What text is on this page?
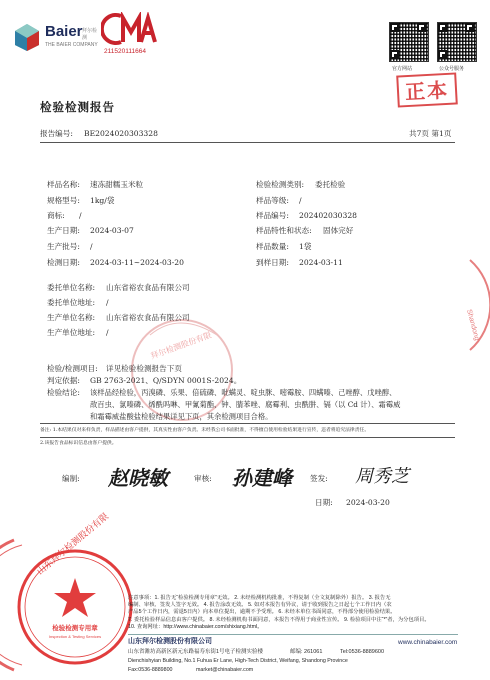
拜尔检测股份有限
Shandong
检验检测专用章
Inspection & Testing Services
山东拜尔检测股份有限
Baier 拜尔检测
THE BAIER COMPANY
211520111664
官方网站	公众号服务
正本
检验检测报告
报告编号: BE2024020303328	共7页 第1页
样品名称: 速冻甜糯玉米粒
规格型号: 1kg/袋
商标: /
生产日期: 2024-03-07
生产批号: /
检测日期: 2024-03-11~2024-03-20
检验检测类别: 委托检验
样品等级: /
样品编号: 202402030328
样品特性和状态: 固体完好
样品数量: 1袋
到样日期: 2024-03-11
委托单位名称: 山东省裕农食品有限公司
委托单位地址: /
生产单位名称: 山东省裕农食品有限公司
生产单位地址: /
检验/检测项目: 详见检验检测报告下页
判定依据: GB 2763-2021、Q/SDYN 0001S-2024。
检验结论: 该样品经检验，丙溴磷、乐果、倍硫磷、吡螨灵、啶虫脒、嘧霉胺、四螨嗪、己唑醇、戊唑醇、
敌百虫、氯嗪磷、烯酰吗啉、甲氰菊酯、钟、腈苯唑、腐霉利、虫酰肼、镉（以 Cd 计）、霜霉威
和霜霉威盐酸盐检验结果详见下页，其余检测项目合格。
备注: 1.本结果仅对来样负责，样品描述由客户提供，其真实性由客户负责。未经我公司书面批准，不得擅自使用检验结果进行宣传，违者将追究法律责任。
2.该报告食品标识信息由客户提供。
编制: 赵晓敏	审核: 孙建峰 签发: 周秀芝
日期: 2024-03-20
注意事项：1. 报告无“检验检测专用章”无效。 2. 未经检测机构批准，不得复制（全文复制除外）报告。 3. 报告无
编制、审核、签发人签字无效。 4. 报告涂改无效。 5. 如对本报告有异议，请于收到报告之日起七个工作日内（农
产品5个工作日内，需退5日内）向本单位提出，逾期不予受理。 6. 未经本单位书面同意，不得部分使用检验结果。
7. 委托检验样品信息由客户提供。 8. 未经检测机构书面同意，本报告不得用于商业性宣传。 9. 检验项目中注“*”者，为分包项目。
10. 查询网址：http://www.chinabaier.com/shixiang.html。
山东拜尔检测股份有限公司	www.chinabaier.com
山东省潍坊高新区新元东路福寿东街1号电子检测实验楼	邮编: 261061	Tel:0536-8889600
Dienchishyian Building, No.1 Fuhua Er Lane, High-Tech District, Weifang, Shandong Province
Fax:0536-8889800	market@chinabaier.com
